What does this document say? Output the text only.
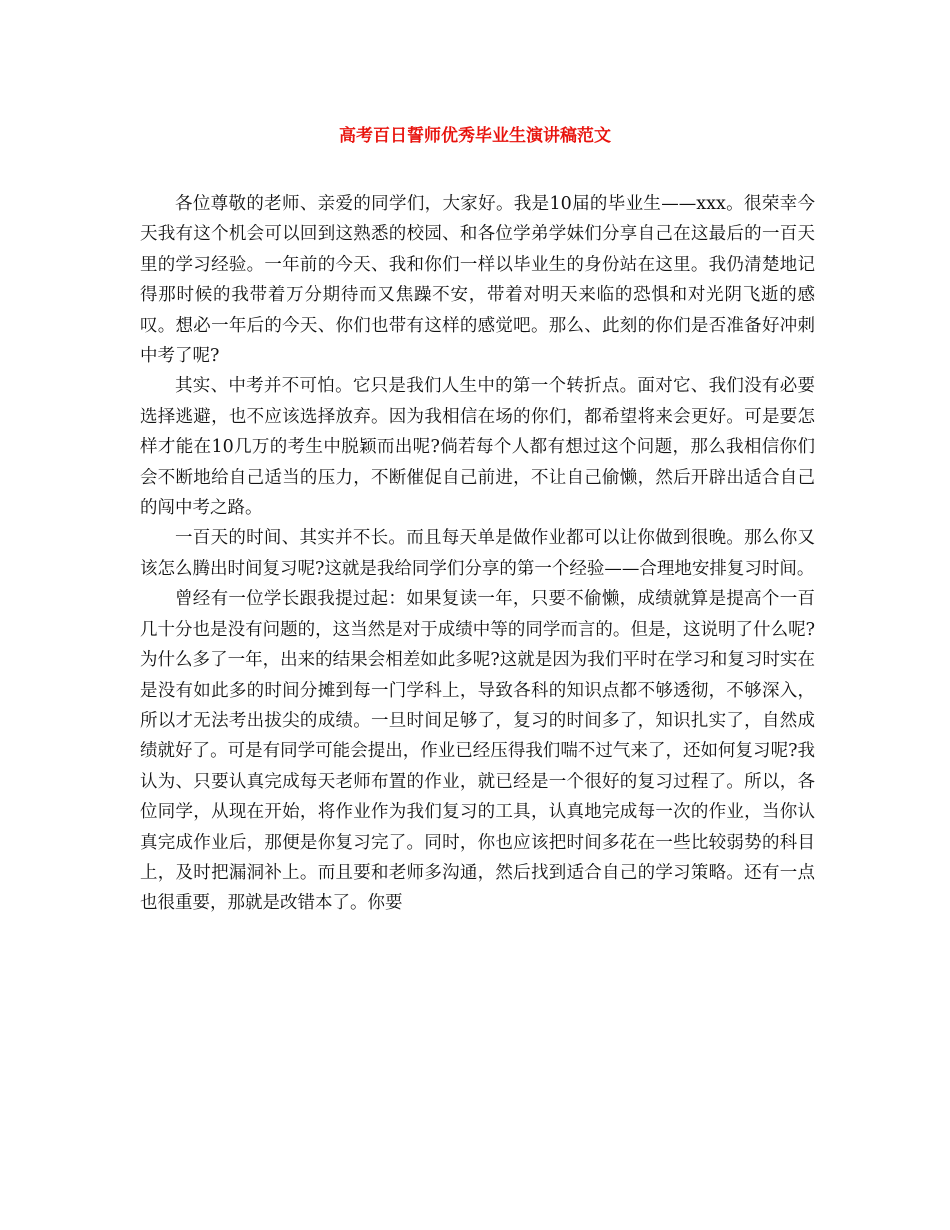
高考百日誓师优秀毕业生演讲稿范文

各位尊敬的老师、亲爱的同学们，大家好。我是10届的毕业生——xxx。很荣幸今天我有这个机会可以回到这熟悉的校园、和各位学弟学妹们分享自己在这最后的一百天里的学习经验。一年前的今天、我和你们一样以毕业生的身份站在这里。我仍清楚地记得那时候的我带着万分期待而又焦躁不安，带着对明天来临的恐惧和对光阴飞逝的感叹。想必一年后的今天、你们也带有这样的感觉吧。那么、此刻的你们是否准备好冲刺中考了呢?

其实、中考并不可怕。它只是我们人生中的第一个转折点。面对它、我们没有必要选择逃避，也不应该选择放弃。因为我相信在场的你们，都希望将来会更好。可是要怎样才能在10几万的考生中脱颖而出呢?倘若每个人都有想过这个问题，那么我相信你们会不断地给自己适当的压力，不断催促自己前进，不让自己偷懒，然后开辟出适合自己的闯中考之路。

一百天的时间、其实并不长。而且每天单是做作业都可以让你做到很晚。那么你又该怎么腾出时间复习呢?这就是我给同学们分享的第一个经验——合理地安排复习时间。

曾经有一位学长跟我提过起：如果复读一年，只要不偷懒，成绩就算是提高个一百几十分也是没有问题的，这当然是对于成绩中等的同学而言的。但是，这说明了什么呢?为什么多了一年，出来的结果会相差如此多呢?这就是因为我们平时在学习和复习时实在是没有如此多的时间分摊到每一门学科上，导致各科的知识点都不够透彻，不够深入，所以才无法考出拔尖的成绩。一旦时间足够了，复习的时间多了，知识扎实了，自然成绩就好了。可是有同学可能会提出，作业已经压得我们喘不过气来了，还如何复习呢?我认为、只要认真完成每天老师布置的作业，就已经是一个很好的复习过程了。所以，各位同学，从现在开始，将作业作为我们复习的工具，认真地完成每一次的作业，当你认真完成作业后，那便是你复习完了。同时，你也应该把时间多花在一些比较弱势的科目上，及时把漏洞补上。而且要和老师多沟通，然后找到适合自己的学习策略。还有一点也很重要，那就是改错本了。你要
